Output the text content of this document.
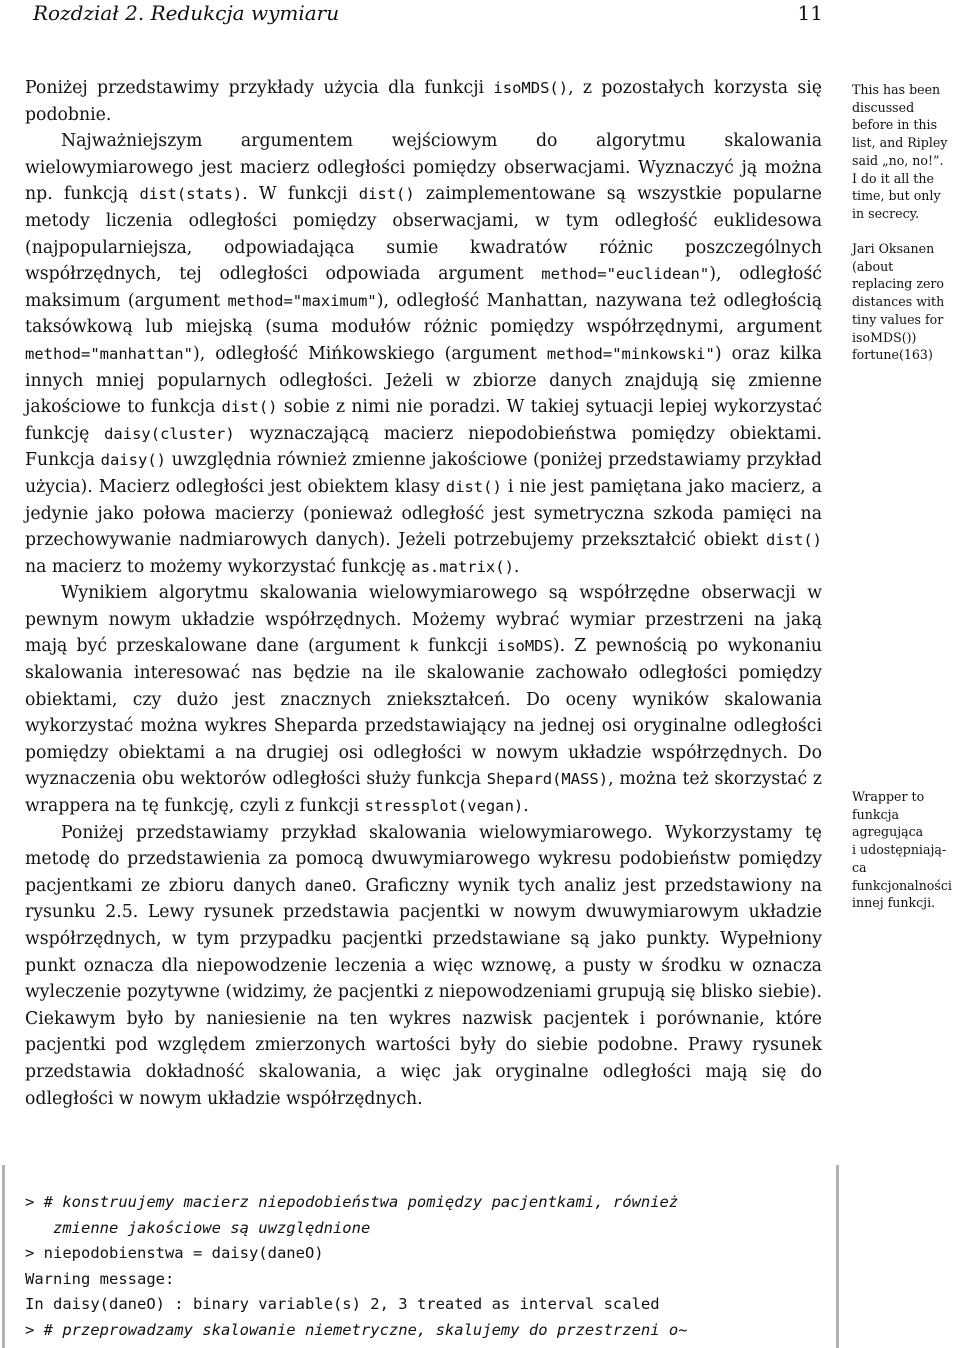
Rozdział 2. Redukcja wymiaru	11

Poniżej przedstawimy przykłady użycia dla funkcji isoMDS(), z pozostałych korzysta się podobnie.

Najważniejszym argumentem wejściowym do algorytmu skalowania wielowymiarowego jest macierz odległości pomiędzy obserwacjami. Wyznaczyć ją można np. funkcją dist(stats). W funkcji dist() zaimplementowane są wszystkie popularne metody liczenia odległości pomiędzy obserwacjami, w tym odległość euklidesowa (najpopularniejsza, odpowiadająca sumie kwadratów różnic poszczególnych współrzędnych, tej odległości odpowiada argument method="euclidean"), odległość maksimum (argument method="maximum"), odległość Manhattan, nazywana też odległością taksówkową lub miejską (suma modułów różnic pomiędzy współrzędnymi, argument method="manhattan"), odległość Mińkowskiego (argument method="minkowski") oraz kilka innych mniej popularnych odległości. Jeżeli w zbiorze danych znajdują się zmienne jakościowe to funkcja dist() sobie z nimi nie poradzi. W takiej sytuacji lepiej wykorzystać funkcję daisy(cluster) wyznaczającą macierz niepodobieństwa pomiędzy obiektami. Funkcja daisy() uwzględnia również zmienne jakościowe (poniżej przedstawiamy przykład użycia). Macierz odległości jest obiektem klasy dist() i nie jest pamiętana jako macierz, a jedynie jako połowa macierzy (ponieważ odległość jest symetryczna szkoda pamięci na przechowywanie nadmiarowych danych). Jeżeli potrzebujemy przekształcić obiekt dist() na macierz to możemy wykorzystać funkcję as.matrix().

Wynikiem algorytmu skalowania wielowymiarowego są współrzędne obserwacji w pewnym nowym układzie współrzędnych. Możemy wybrać wymiar przestrzeni na jaką mają być przeskalowane dane (argument k funkcji isoMDS). Z pewnością po wykonaniu skalowania interesować nas będzie na ile skalowanie zachowało odległości pomiędzy obiektami, czy dużo jest znacznych zniekształceń. Do oceny wyników skalowania wykorzystać można wykres Sheparda przedstawiający na jednej osi oryginalne odległości pomiędzy obiektami a na drugiej osi odległości w nowym układzie współrzędnych. Do wyznaczenia obu wektorów odległości służy funkcja Shepard(MASS), można też skorzystać z wrappera na tę funkcję, czyli z funkcji stressplot(vegan).

Poniżej przedstawiamy przykład skalowania wielowymiarowego. Wykorzystamy tę metodę do przedstawienia za pomocą dwuwymiarowego wykresu podobieństw pomiędzy pacjentkami ze zbioru danych daneO. Graficzny wynik tych analiz jest przedstawiony na rysunku 2.5. Lewy rysunek przedstawia pacjentki w nowym dwuwymiarowym układzie współrzędnych, w tym przypadku pacjentki przedstawiane są jako punkty. Wypełniony punkt oznacza dla niepowodzenie leczenia a więc wznowę, a pusty w środku w oznacza wyleczenie pozytywne (widzimy, że pacjentki z niepowodzeniami grupują się blisko siebie). Ciekawym było by naniesienie na ten wykres nazwisk pacjentek i porównanie, które pacjentki pod względem zmierzonych wartości były do siebie podobne. Prawy rysunek przedstawia dokładność skalowania, a więc jak oryginalne odległości mają się do odległości w nowym układzie współrzędnych.

This has been
discussed
before in this
list, and Ripley
said „no, no!”.
I do it all the
time, but only
in secrecy.
Jari Oksanen
(about
replacing zero
distances with
tiny values for
isoMDS())
fortune(163)
Wrapper to
funkcja
agregująca
i udostępniają-
ca
funkcjonalności
innej funkcji.
> # konstruujemy macierz niepodobieństwa pomiędzy pacjentkami, również
zmienne jakościowe są uwzględnione
> niepodobienstwa = daisy(daneO)
Warning message:
In daisy(daneO) : binary variable(s) 2, 3 treated as interval scaled
> # przeprowadzamy skalowanie niemetryczne, skalujemy do przestrzeni o~
